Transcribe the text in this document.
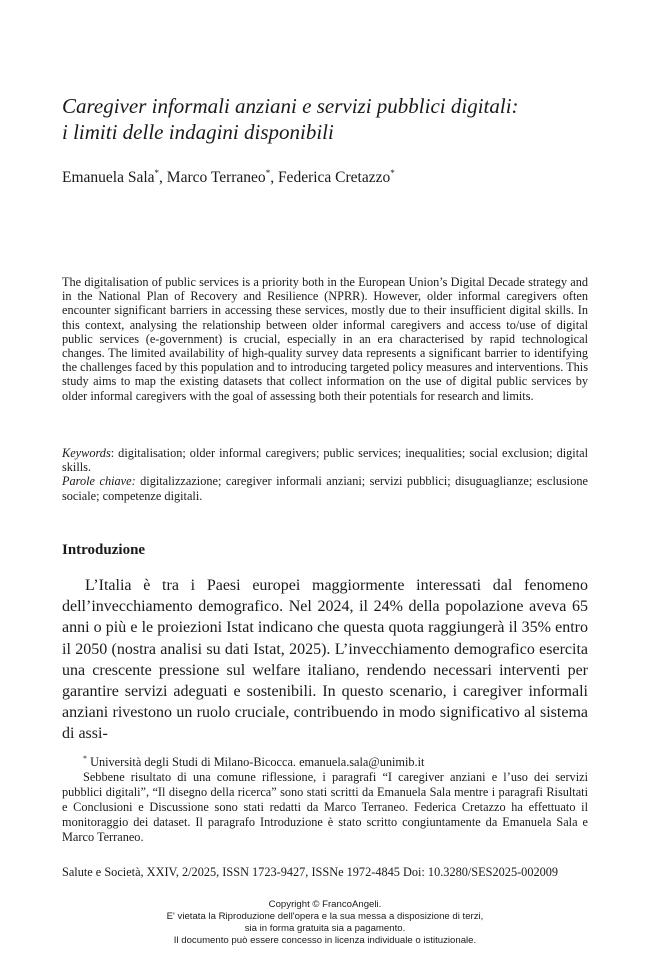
Caregiver informali anziani e servizi pubblici digitali:
i limiti delle indagini disponibili
Emanuela Sala*, Marco Terraneo*, Federica Cretazzo*

The digitalisation of public services is a priority both in the European Union’s Digital Decade strategy and in the National Plan of Recovery and Resilience (NPRR). However, older informal caregivers often encounter significant barriers in accessing these services, mostly due to their insufficient digital skills. In this context, analysing the relationship between older informal caregivers and access to/use of digital public services (e-government) is crucial, especially in an era characterised by rapid technological changes. The limited availability of high-quality survey data represents a significant barrier to identifying the challenges faced by this population and to introducing targeted policy measures and interventions. This study aims to map the existing datasets that collect information on the use of digital public services by older informal caregivers with the goal of assessing both their potentials for research and limits.

Keywords: digitalisation; older informal caregivers; public services; inequalities; social exclusion; digital skills.

Parole chiave: digitalizzazione; caregiver informali anziani; servizi pubblici; disuguaglianze; esclusione sociale; competenze digitali.

Introduzione

L’Italia è tra i Paesi europei maggiormente interessati dal fenomeno dell’invecchiamento demografico. Nel 2024, il 24% della popolazione aveva 65 anni o più e le proiezioni Istat indicano che questa quota raggiungerà il 35% entro il 2050 (nostra analisi su dati Istat, 2025). L’invecchiamento demografico esercita una crescente pressione sul welfare italiano, rendendo necessari interventi per garantire servizi adeguati e sostenibili. In questo scenario, i caregiver informali anziani rivestono un ruolo cruciale, contribuendo in modo significativo al sistema di assi-

* Università degli Studi di Milano-Bicocca. emanuela.sala@unimib.it

Sebbene risultato di una comune riflessione, i paragrafi “I caregiver anziani e l’uso dei servizi pubblici digitali”, “Il disegno della ricerca” sono stati scritti da Emanuela Sala mentre i paragrafi Risultati e Conclusioni e Discussione sono stati redatti da Marco Terraneo. Federica Cretazzo ha effettuato il monitoraggio dei dataset. Il paragrafo Introduzione è stato scritto congiuntamente da Emanuela Sala e Marco Terraneo.

Salute e Società, XXIV, 2/2025, ISSN 1723-9427, ISSNe 1972-4845 Doi: 10.3280/SES2025-002009
Copyright © FrancoAngeli.
E' vietata la Riproduzione dell'opera e la sua messa a disposizione di terzi,
sia in forma gratuita sia a pagamento.
Il documento può essere concesso in licenza individuale o istituzionale.
